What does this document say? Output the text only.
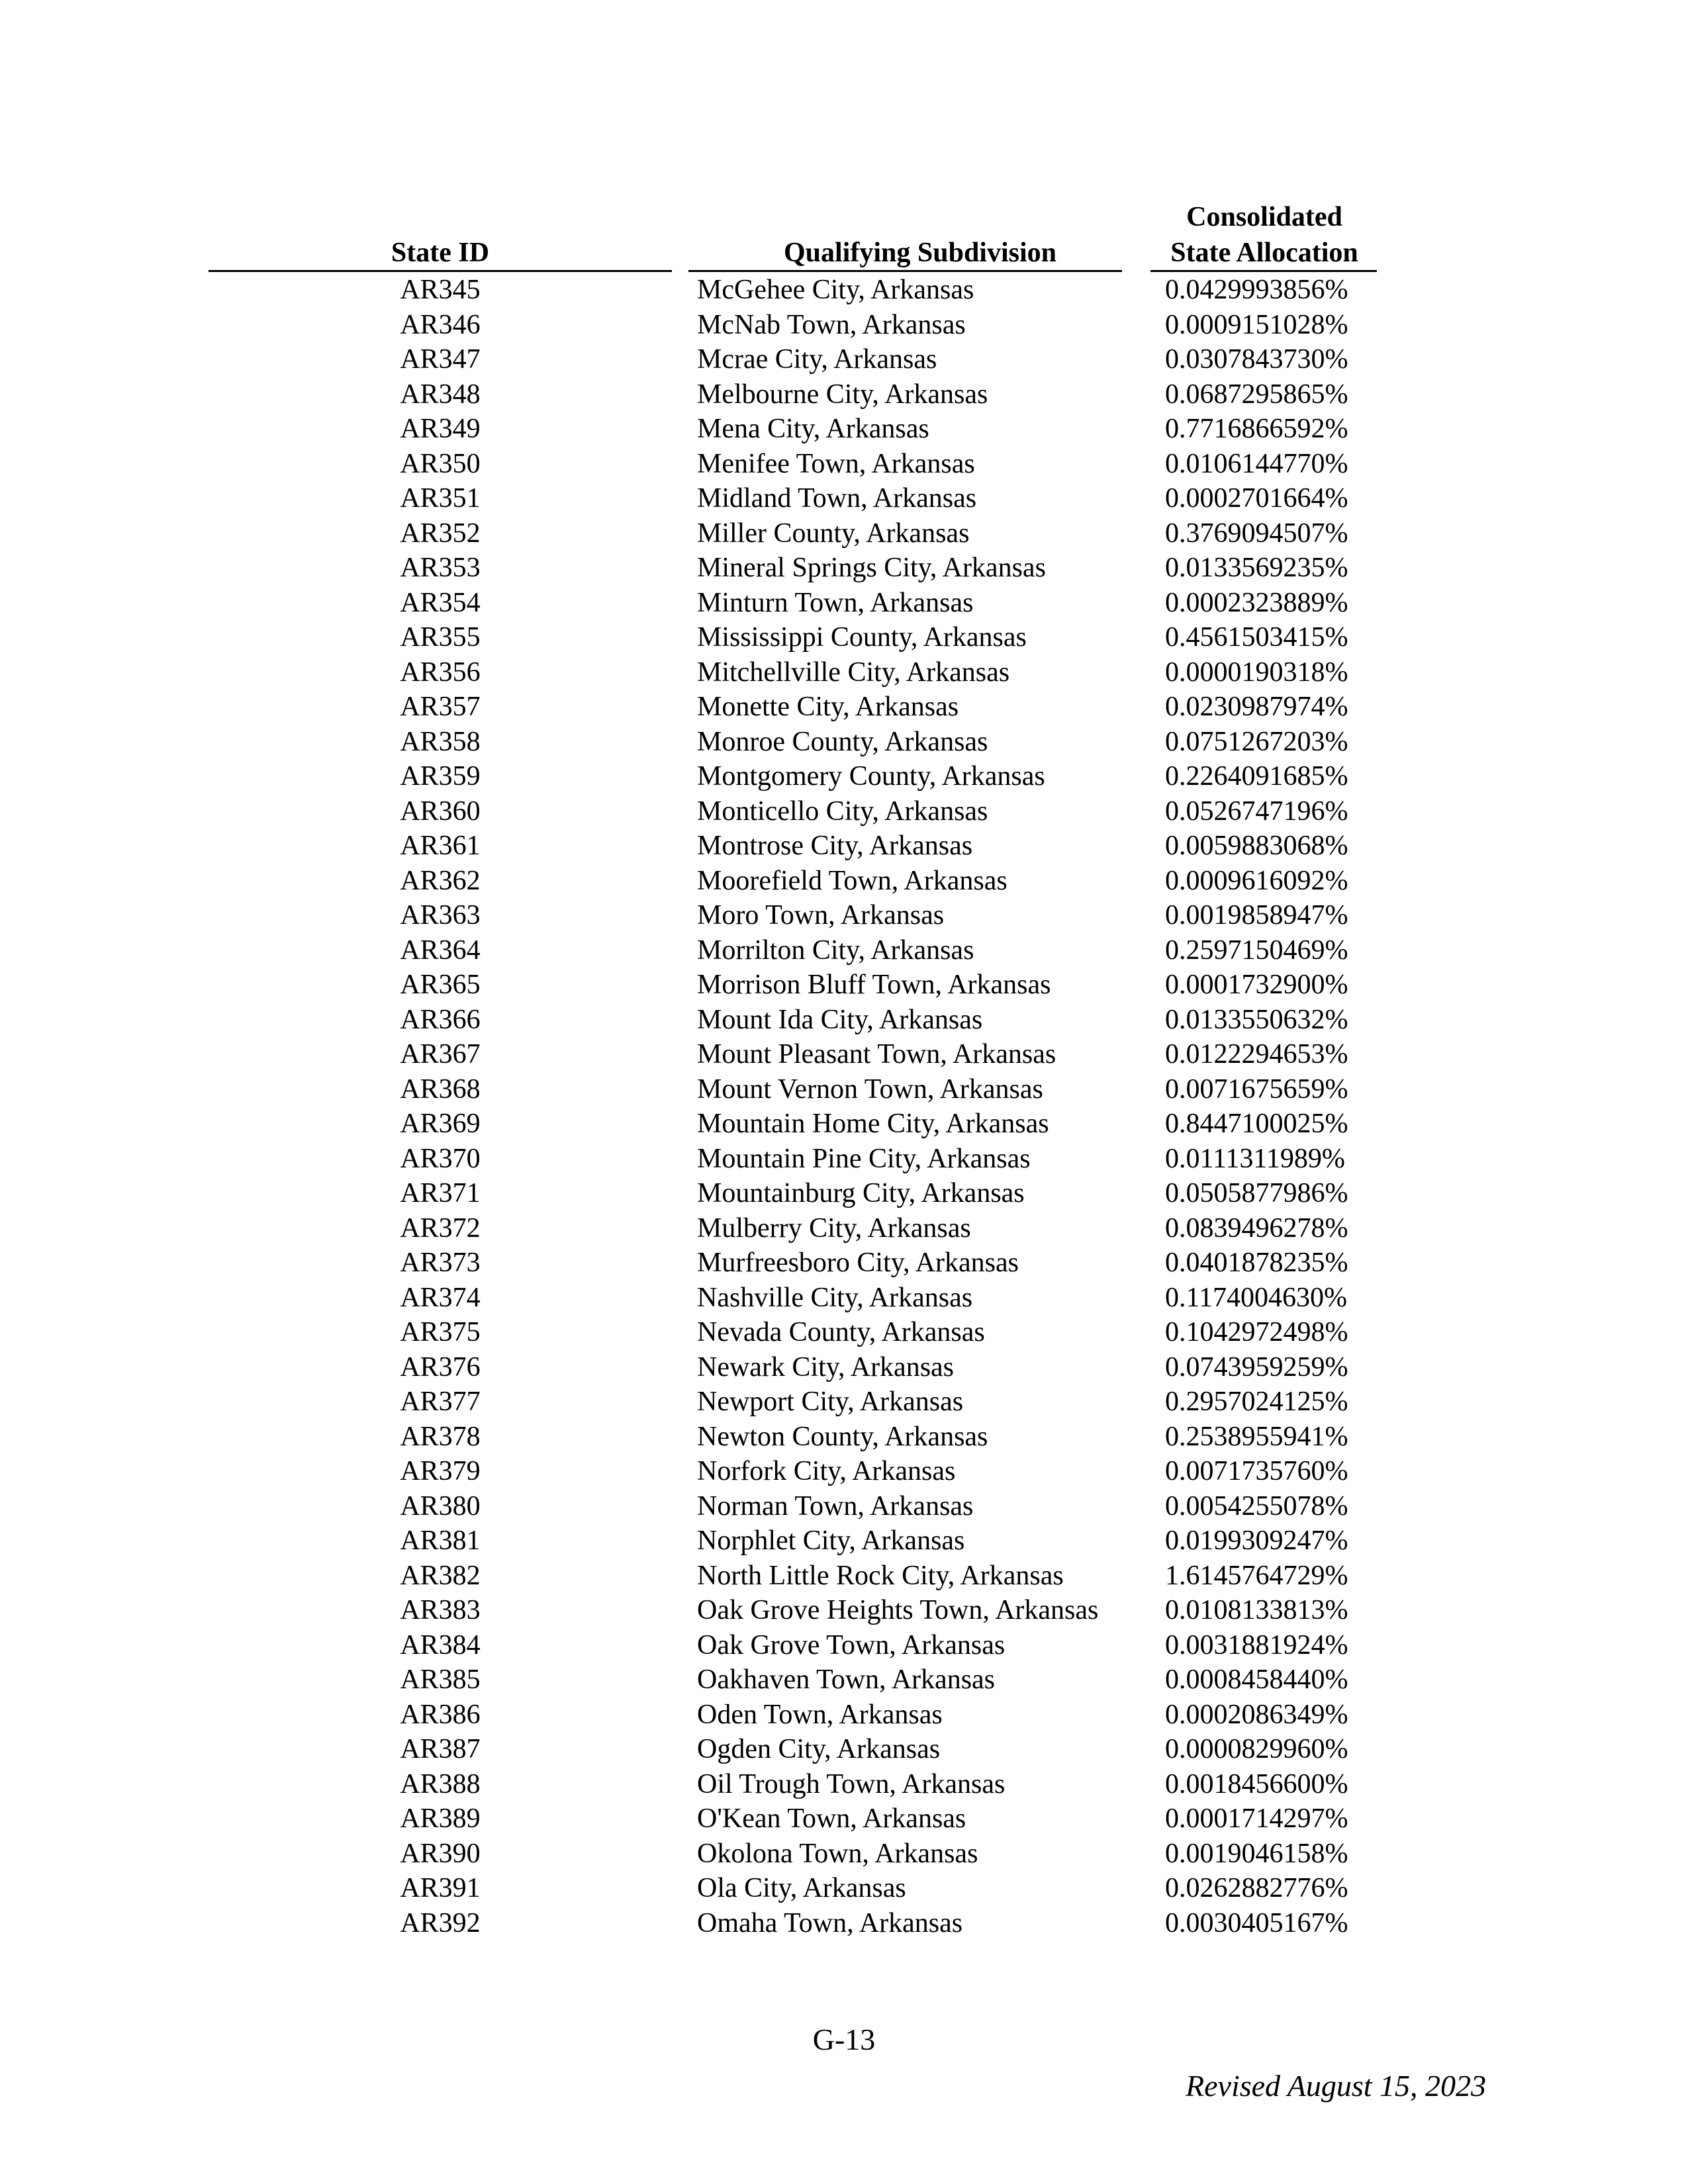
State ID	Qualifying Subdivision
Consolidated
State Allocation
AR345	McGehee City, Arkansas	0.0429993856%
AR346	McNab Town, Arkansas	0.0009151028%
AR347	Mcrae City, Arkansas	0.0307843730%
AR348	Melbourne City, Arkansas	0.0687295865%
AR349	Mena City, Arkansas	0.7716866592%
AR350	Menifee Town, Arkansas	0.0106144770%
AR351	Midland Town, Arkansas	0.0002701664%
AR352	Miller County, Arkansas	0.3769094507%
AR353	Mineral Springs City, Arkansas	0.0133569235%
AR354	Minturn Town, Arkansas	0.0002323889%
AR355	Mississippi County, Arkansas	0.4561503415%
AR356	Mitchellville City, Arkansas	0.0000190318%
AR357	Monette City, Arkansas	0.0230987974%
AR358	Monroe County, Arkansas	0.0751267203%
AR359	Montgomery County, Arkansas	0.2264091685%
AR360	Monticello City, Arkansas	0.0526747196%
AR361	Montrose City, Arkansas	0.0059883068%
AR362	Moorefield Town, Arkansas	0.0009616092%
AR363	Moro Town, Arkansas	0.0019858947%
AR364	Morrilton City, Arkansas	0.2597150469%
AR365	Morrison Bluff Town, Arkansas	0.0001732900%
AR366	Mount Ida City, Arkansas	0.0133550632%
AR367	Mount Pleasant Town, Arkansas	0.0122294653%
AR368	Mount Vernon Town, Arkansas	0.0071675659%
AR369	Mountain Home City, Arkansas	0.8447100025%
AR370	Mountain Pine City, Arkansas	0.0111311989%
AR371	Mountainburg City, Arkansas	0.0505877986%
AR372	Mulberry City, Arkansas	0.0839496278%
AR373	Murfreesboro City, Arkansas	0.0401878235%
AR374	Nashville City, Arkansas	0.1174004630%
AR375	Nevada County, Arkansas	0.1042972498%
AR376	Newark City, Arkansas	0.0743959259%
AR377	Newport City, Arkansas	0.2957024125%
AR378	Newton County, Arkansas	0.2538955941%
AR379	Norfork City, Arkansas	0.0071735760%
AR380	Norman Town, Arkansas	0.0054255078%
AR381	Norphlet City, Arkansas	0.0199309247%
AR382	North Little Rock City, Arkansas	1.6145764729%
AR383	Oak Grove Heights Town, Arkansas	0.0108133813%
AR384	Oak Grove Town, Arkansas	0.0031881924%
AR385	Oakhaven Town, Arkansas	0.0008458440%
AR386	Oden Town, Arkansas	0.0002086349%
AR387	Ogden City, Arkansas	0.0000829960%
AR388	Oil Trough Town, Arkansas	0.0018456600%
AR389	O'Kean Town, Arkansas	0.0001714297%
AR390	Okolona Town, Arkansas	0.0019046158%
AR391	Ola City, Arkansas	0.0262882776%
AR392	Omaha Town, Arkansas	0.0030405167%
G-13
Revised August 15, 2023
